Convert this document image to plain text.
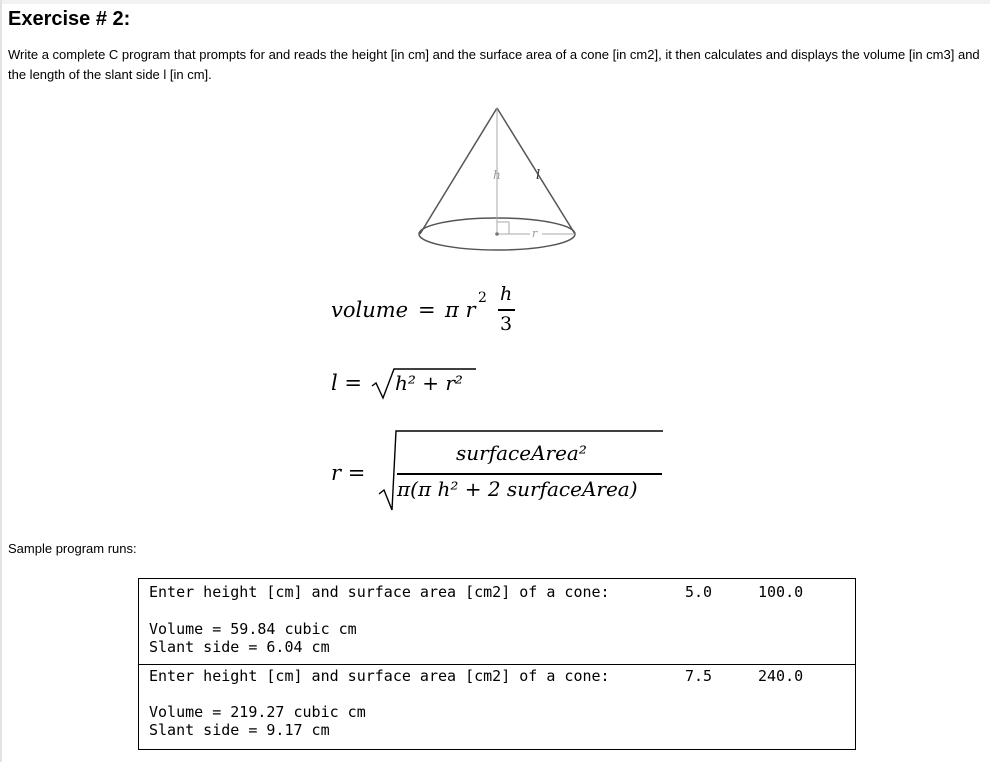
Exercise # 2:
Write a complete C program that prompts for and reads the height [in cm] and the surface area of a cone [in cm2], it then calculates and displays the volume [in cm3] and the length of the slant side l [in cm].
h	l
r
volume = π r 2 h
3
l = h² + r²
r =
surfaceArea²
π(π h² + 2 surfaceArea)
Sample program runs:
Enter height [cm] and surface area [cm2] of a cone:	5.0	100.0
Volume = 59.84 cubic cm
Slant side = 6.04 cm
Enter height [cm] and surface area [cm2] of a cone:	7.5	240.0
Volume = 219.27 cubic cm
Slant side = 9.17 cm
